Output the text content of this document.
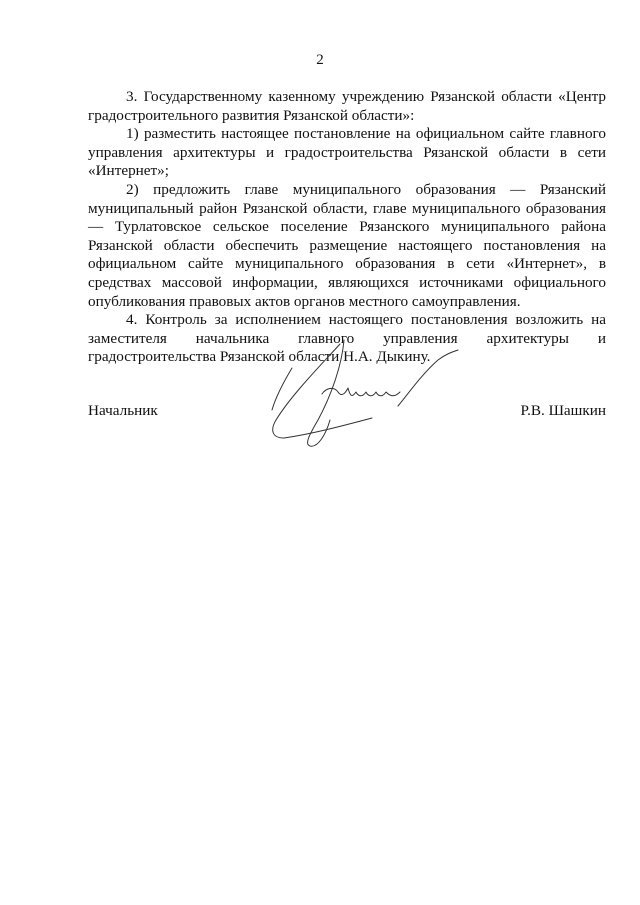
2

3. Государственному казенному учреждению Рязанской области «Центр градостроительного развития Рязанской области»:

1) разместить настоящее постановление на официальном сайте главного управления архитектуры и градостроительства Рязанской области в сети «Интернет»;

2) предложить главе муниципального образования — Рязанский муниципальный район Рязанской области, главе муниципального образования — Турлатовское сельское поселение Рязанского муниципального района Рязанской области обеспечить размещение настоящего постановления на официальном сайте муниципального образования в сети «Интернет», в средствах массовой информации, являющихся источниками официального опубликования правовых актов органов местного самоуправления.

4. Контроль за исполнением настоящего постановления возложить на заместителя начальника главного управления архитектуры и градостроительства Рязанской области Н.А. Дыкину.

Начальник	Р.В. Шашкин
